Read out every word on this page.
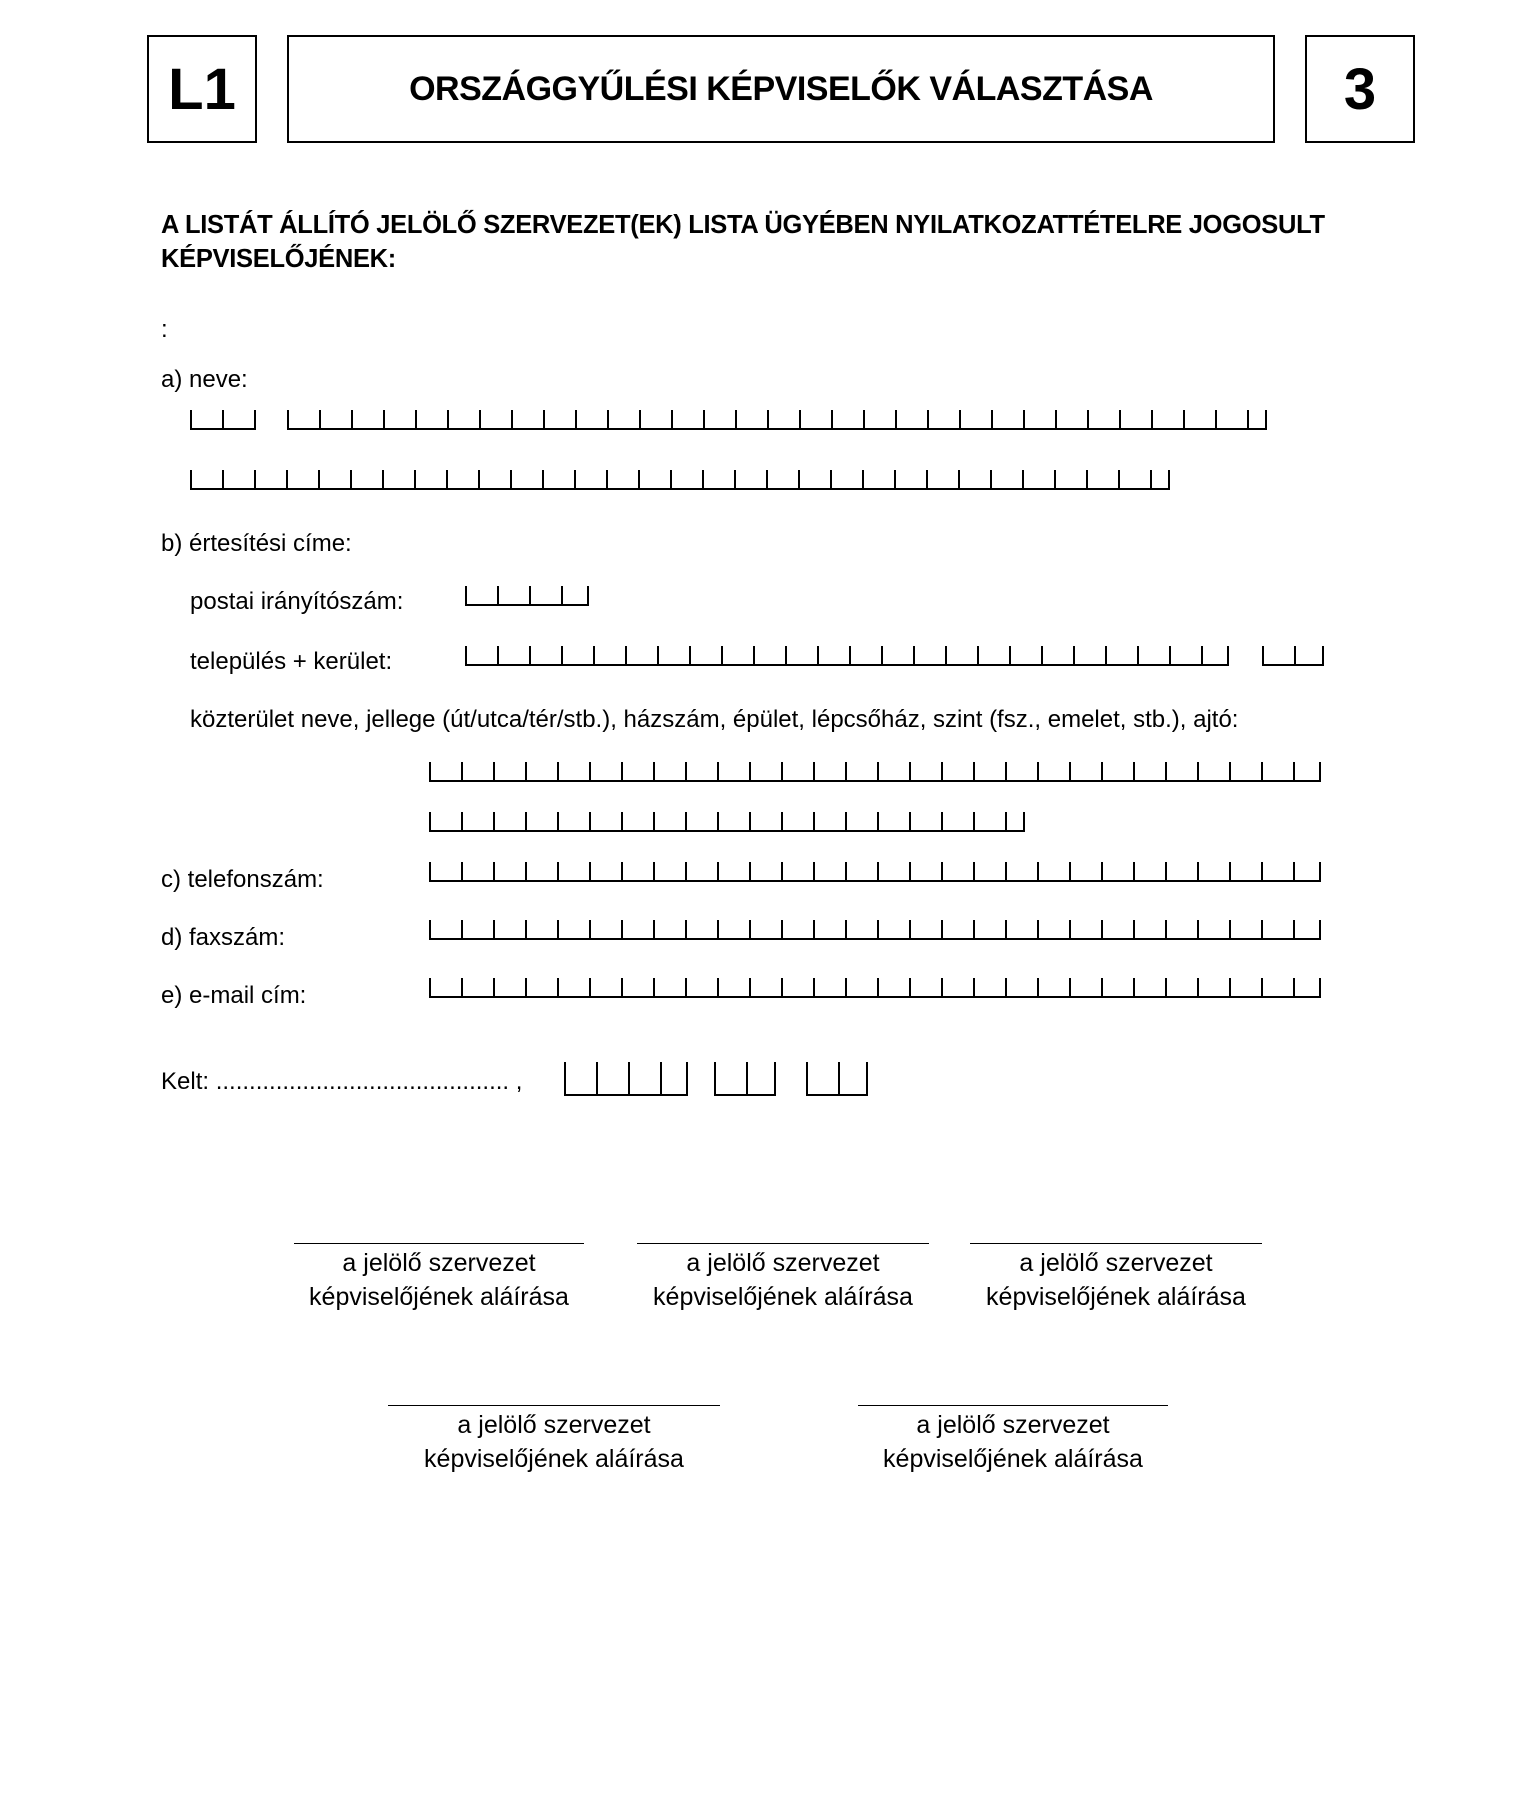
L1	ORSZÁGGYŰLÉSI KÉPVISELŐK VÁLASZTÁSA	3
A LISTÁT ÁLLÍTÓ JELÖLŐ SZERVEZET(EK) LISTA ÜGYÉBEN NYILATKOZATTÉTELRE JOGOSULT
KÉPVISELŐJÉNEK:
:
a) neve:
b) értesítési címe:
postai irányítószám:
település + kerület:
közterület neve, jellege (út/utca/tér/stb.), házszám, épület, lépcsőház, szint (fsz., emelet, stb.), ajtó:
c) telefonszám:
d) faxszám:
e) e-mail cím:
Kelt: ............................................ ,
a jelölő szervezet
képviselőjének aláírása
a jelölő szervezet
képviselőjének aláírása
a jelölő szervezet
képviselőjének aláírása
a jelölő szervezet
képviselőjének aláírása
a jelölő szervezet
képviselőjének aláírása
